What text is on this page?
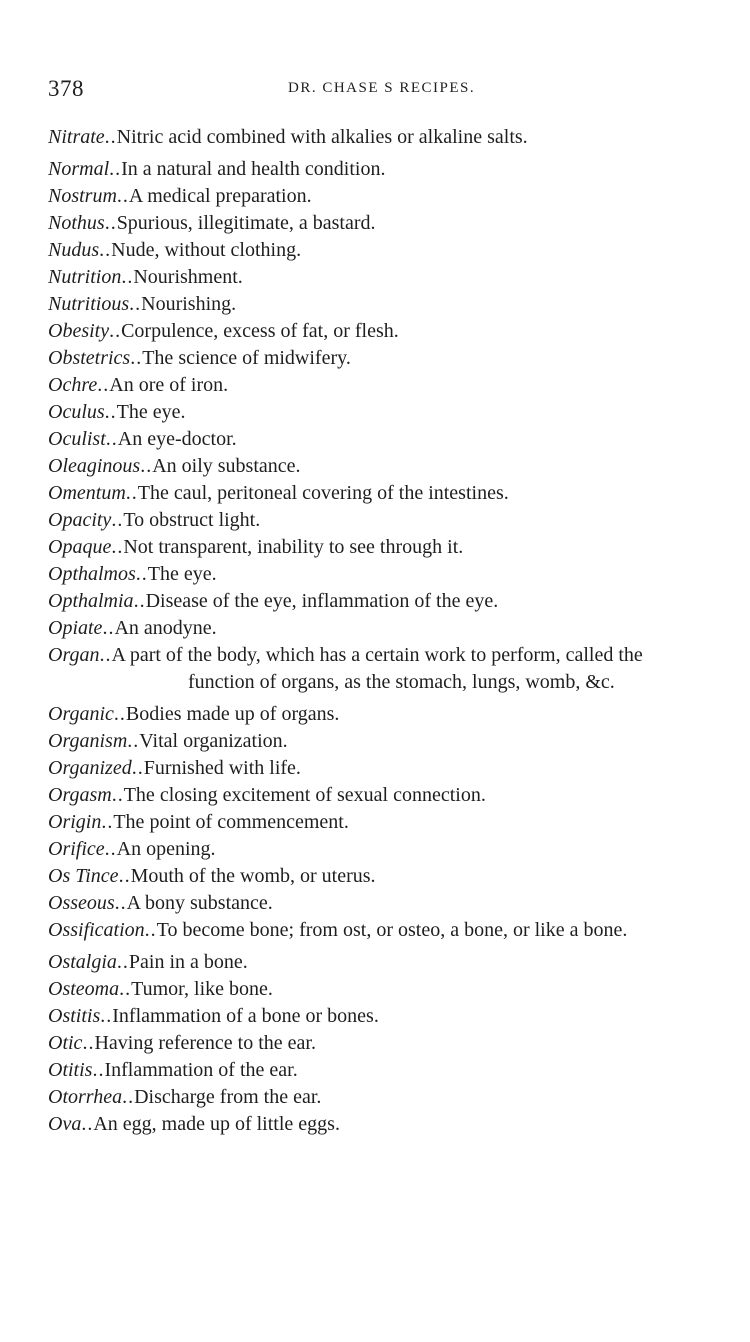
378	DR. CHASE S RECIPES.
Nitrate..Nitric acid combined with alkalies or alkaline salts.
Normal..In a natural and health condition.
Nostrum..A medical preparation.
Nothus..Spurious, illegitimate, a bastard.
Nudus..Nude, without clothing.
Nutrition..Nourishment.
Nutritious..Nourishing.
Obesity..Corpulence, excess of fat, or flesh.
Obstetrics..The science of midwifery.
Ochre..An ore of iron.
Oculus..The eye.
Oculist..An eye-doctor.
Oleaginous..An oily substance.
Omentum..The caul, peritoneal covering of the intestines.
Opacity..To obstruct light.
Opaque..Not transparent, inability to see through it.
Opthalmos..The eye.
Opthalmia..Disease of the eye, inflammation of the eye.
Opiate..An anodyne.
Organ..A part of the body, which has a certain work to perform, called the function of organs, as the stomach, lungs, womb, &c.
Organic..Bodies made up of organs.
Organism..Vital organization.
Organized..Furnished with life.
Orgasm..The closing excitement of sexual connection.
Origin..The point of commencement.
Orifice..An opening.
Os Tince..Mouth of the womb, or uterus.
Osseous..A bony substance.
Ossification..To become bone; from ost, or osteo, a bone, or like a bone.
Ostalgia..Pain in a bone.
Osteoma..Tumor, like bone.
Ostitis..Inflammation of a bone or bones.
Otic..Having reference to the ear.
Otitis..Inflammation of the ear.
Otorrhea..Discharge from the ear.
Ova..An egg, made up of little eggs.
